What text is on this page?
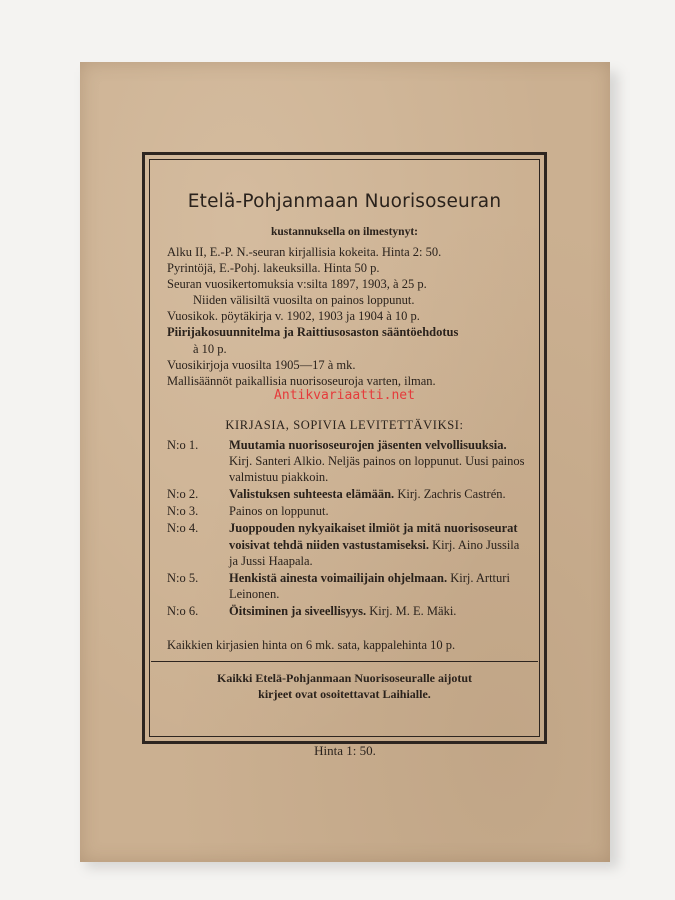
Etelä-Pohjanmaan Nuorisoseuran
kustannuksella on ilmestynyt:
Alku II, E.-P. N.-seuran kirjallisia kokeita. Hinta 2: 50.
Pyrintöjä, E.-Pohj. lakeuksilla. Hinta 50 p.
Seuran vuosikertomuksia v:silta 1897, 1903, à 25 p.
Niiden välisiltä vuosilta on painos loppunut.
Vuosikok. pöytäkirja v. 1902, 1903 ja 1904 à 10 p.
Piirijakosuunnitelma ja Raittiusosaston sääntöehdotus
à 10 p.
Vuosikirjoja vuosilta 1905—17 à mk.
Mallisäännöt paikallisia nuorisoseuroja varten, ilman.
Antikvariaatti.net
KIRJASIA, SOPIVIA LEVITETTÄVIKSI:
N:o 1.	Muutamia nuorisoseurojen jäsenten velvollisuuksia. Kirj. Santeri Alkio. Neljäs painos on loppunut. Uusi painos valmistuu piakkoin.
N:o 2.	Valistuksen suhteesta elämään. Kirj. Zachris Castrén.
N:o 3.	Painos on loppunut.
N:o 4.	Juoppouden nykyaikaiset ilmiöt ja mitä nuorisoseurat voisivat tehdä niiden vastustamiseksi. Kirj. Aino Jussila ja Jussi Haapala.
N:o 5.	Henkistä ainesta voimailijain ohjelmaan. Kirj. Artturi Leinonen.
N:o 6.	Öitsiminen ja siveellisyys. Kirj. M. E. Mäki.
Kaikkien kirjasien hinta on 6 mk. sata, kappalehinta 10 p.
Kaikki Etelä-Pohjanmaan Nuorisoseuralle aijotut
kirjeet ovat osoitettavat Laihialle.
Hinta 1: 50.
